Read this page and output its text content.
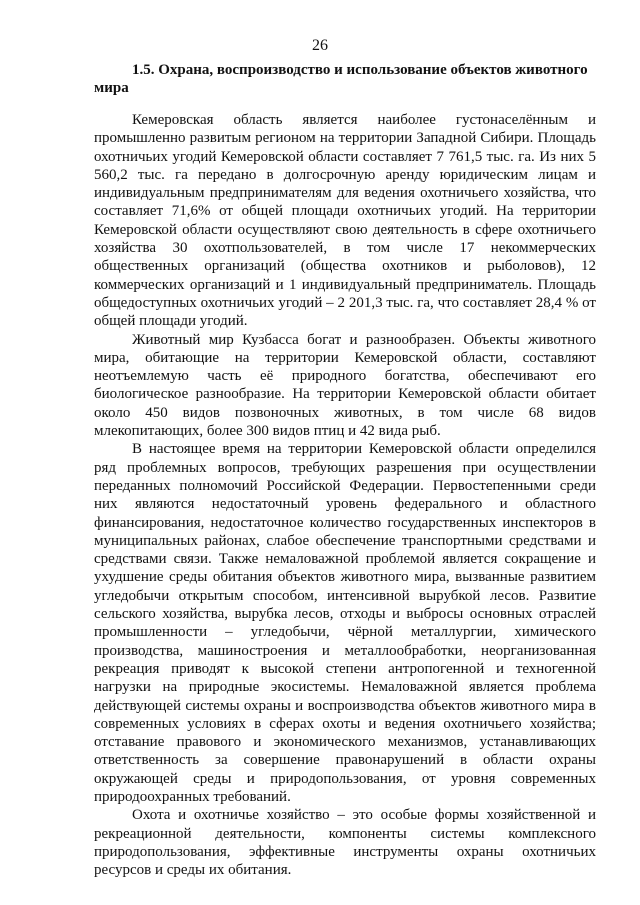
26
1.5. Охрана, воспроизводство и использование объектов животного мира

Кемеровская область является наиболее густонаселённым и промышленно развитым регионом на территории Западной Сибири. Площадь охотничьих угодий Кемеровской области составляет 7 761,5 тыс. га. Из них 5 560,2 тыс. га передано в долгосрочную аренду юридическим лицам и индивидуальным предпринимателям для ведения охотничьего хозяйства, что составляет 71,6% от общей площади охотничьих угодий. На территории Кемеровской области осуществляют свою деятельность в сфере охотничьего хозяйства 30 охотпользователей, в том числе 17 некоммерческих общественных организаций (общества охотников и рыболовов), 12 коммерческих организаций и 1 индивидуальный предприниматель. Площадь общедоступных охотничьих угодий – 2 201,3 тыс. га, что составляет 28,4 % от общей площади угодий.

Животный мир Кузбасса богат и разнообразен. Объекты животного мира, обитающие на территории Кемеровской области, составляют неотъемлемую часть её природного богатства, обеспечивают его биологическое разнообразие. На территории Кемеровской области обитает около 450 видов позвоночных животных, в том числе 68 видов млекопитающих, более 300 видов птиц и 42 вида рыб.

В настоящее время на территории Кемеровской области определился ряд проблемных вопросов, требующих разрешения при осуществлении переданных полномочий Российской Федерации. Первостепенными среди них являются недостаточный уровень федерального и областного финансирования, недостаточное количество государственных инспекторов в муниципальных районах, слабое обеспечение транспортными средствами и средствами связи. Также немаловажной проблемой является сокращение и ухудшение среды обитания объектов животного мира, вызванные развитием угледобычи открытым способом, интенсивной вырубкой лесов. Развитие сельского хозяйства, вырубка лесов, отходы и выбросы основных отраслей промышленности – угледобычи, чёрной металлургии, химического производства, машиностроения и металлообработки, неорганизованная рекреация приводят к высокой степени антропогенной и техногенной нагрузки на природные экосистемы. Немаловажной является проблема действующей системы охраны и воспроизводства объектов животного мира в современных условиях в сферах охоты и ведения охотничьего хозяйства; отставание правового и экономического механизмов, устанавливающих ответственность за совершение правонарушений в области охраны окружающей среды и природопользования, от уровня современных природоохранных требований.

Охота и охотничье хозяйство – это особые формы хозяйственной и рекреационной деятельности, компоненты системы комплексного природопользования, эффективные инструменты охраны охотничьих ресурсов и среды их обитания.
